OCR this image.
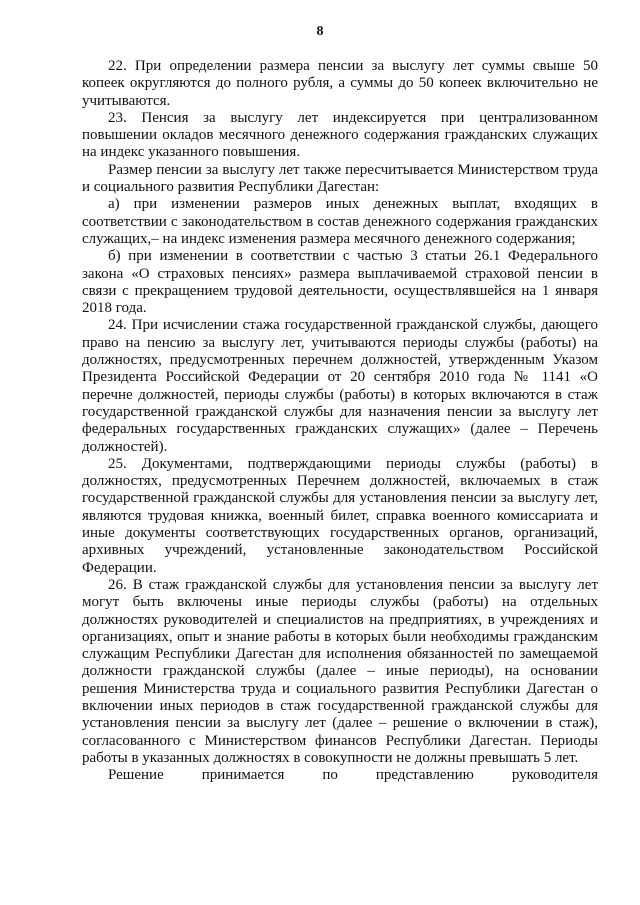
8

22. При определении размера пенсии за выслугу лет суммы свыше 50 копеек округляются до полного рубля, а суммы до 50 копеек включительно не учитываются.

23. Пенсия за выслугу лет индексируется при централизованном повышении окладов месячного денежного содержания гражданских служащих на индекс указанного повышения.

Размер пенсии за выслугу лет также пересчитывается Министерством труда и социального развития Республики Дагестан:

а) при изменении размеров иных денежных выплат, входящих в соответствии с законодательством в состав денежного содержания гражданских служащих,– на индекс изменения размера месячного денежного содержания;

б) при изменении в соответствии с частью 3 статьи 26.1 Федерального закона «О страховых пенсиях» размера выплачиваемой страховой пенсии в связи с прекращением трудовой деятельности, осуществлявшейся на 1 января 2018 года.

24. При исчислении стажа государственной гражданской службы, дающего право на пенсию за выслугу лет, учитываются периоды службы (работы) на должностях, предусмотренных перечнем должностей, утвержденным Указом Президента Российской Федерации от 20 сентября 2010 года № 1141 «О перечне должностей, периоды службы (работы) в которых включаются в стаж государственной гражданской службы для назначения пенсии за выслугу лет федеральных государственных гражданских служащих» (далее – Перечень должностей).

25. Документами, подтверждающими периоды службы (работы) в должностях, предусмотренных Перечнем должностей, включаемых в стаж государственной гражданской службы для установления пенсии за выслугу лет, являются трудовая книжка, военный билет, справка военного комиссариата и иные документы соответствующих государственных органов, организаций, архивных учреждений, установленные законодательством Российской Федерации.

26. В стаж гражданской службы для установления пенсии за выслугу лет могут быть включены иные периоды службы (работы) на отдельных должностях руководителей и специалистов на предприятиях, в учреждениях и организациях, опыт и знание работы в которых были необходимы гражданским служащим Республики Дагестан для исполнения обязанностей по замещаемой должности гражданской службы (далее – иные периоды), на основании решения Министерства труда и социального развития Республики Дагестан о включении иных периодов в стаж государственной гражданской службы для установления пенсии за выслугу лет (далее – решение о включении в стаж), согласованного с Министерством финансов Республики Дагестан. Периоды работы в указанных должностях в совокупности не должны превышать 5 лет.

Решение принимается по представлению руководителя
